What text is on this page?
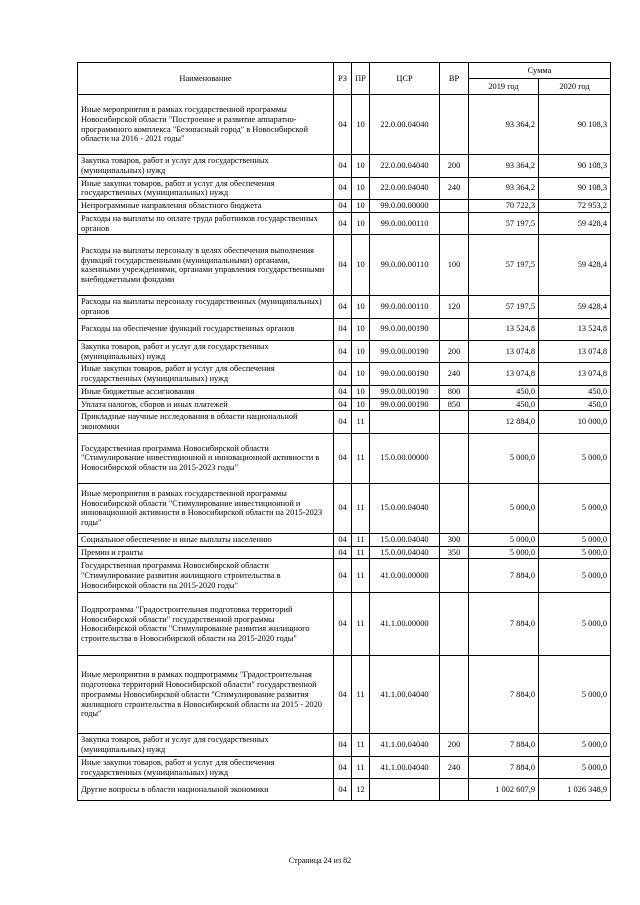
Наименование	РЗ	ПР	ЦСР	ВР	Сумма	
					2019 год	2020 год
Иные мероприятия в рамках государственной программы Новосибирской области "Построение и развитие аппаратно-программного комплекса "Безопасный город" в Новосибирской области на 2016 - 2021 годы"	04	10	22.0.00.04040		93 364,2	90 108,3
Закупка товаров, работ и услуг для государственных (муниципальных) нужд	04	10	22.0.00.04040	200	93 364,2	90 108,3
Иные закупки товаров, работ и услуг для обеспечения государственных (муниципальных) нужд	04	10	22.0.00.04040	240	93 364,2	90 108,3
Непрограммные направления областного бюджета	04	10	99.0.00.00000		70 722,3	72 953,2
Расходы на выплаты по оплате труда работников государственных органов	04	10	99.0.00.00110		57 197,5	59 428,4
Расходы на выплаты персоналу в целях обеспечения выполнения функций государственными (муниципальными) органами, казенными учреждениями, органами управления государственными внебюджетными фондами	04	10	99.0.00.00110	100	57 197,5	59 428,4
Расходы на выплаты персоналу государственных (муниципальных) органов	04	10	99.0.00.00110	120	57 197,5	59 428,4
Расходы на обеспечение функций государственных органов	04	10	99.0.00.00190		13 524,8	13 524,8
Закупка товаров, работ и услуг для государственных (муниципальных) нужд	04	10	99.0.00.00190	200	13 074,8	13 074,8
Иные закупки товаров, работ и услуг для обеспечения государственных (муниципальных) нужд	04	10	99.0.00.00190	240	13 074,8	13 074,8
Иные бюджетные ассигнования	04	10	99.0.00.00190	800	450,0	450,0
Уплата налогов, сборов и иных платежей	04	10	99.0.00.00190	850	450,0	450,0
Прикладные научные исследования в области национальной экономики	04	11			12 884,0	10 000,0
Государственная программа Новосибирской области "Стимулирование инвестиционной и инновационной активности в Новосибирской области на 2015-2023 годы"	04	11	15.0.00.00000		5 000,0	5 000,0
Иные мероприятия в рамках государственной программы Новосибирской области "Стимулирование инвестиционной и инновационной активности в Новосибирской области на 2015-2023 годы"	04	11	15.0.00.04040		5 000,0	5 000,0
Социальное обеспечение и иные выплаты населению	04	11	15.0.00.04040	300	5 000,0	5 000,0
Премии и гранты	04	11	15.0.00.04040	350	5 000,0	5 000,0
Государственная программа Новосибирской области "Стимулирование развития жилищного строительства в Новосибирской области на 2015-2020 годы"	04	11	41.0.00.00000		7 884,0	5 000,0
Подпрограмма "Градостроительная подготовка территорий Новосибирской области" государственной программы Новосибирской области "Стимулирование развития жилищного строительства в Новосибирской области на 2015-2020 годы"	04	11	41.1.00.00000		7 884,0	5 000,0
Иные мероприятия в рамках подпрограммы "Градостроительная подготовка территорий Новосибирской области" государственной программы Новосибирской области "Стимулирование развития жилищного строительства в Новосибирской области на 2015 - 2020 годы"	04	11	41.1.00.04040		7 884,0	5 000,0
Закупка товаров, работ и услуг для государственных (муниципальных) нужд	04	11	41.1.00.04040	200	7 884,0	5 000,0
Иные закупки товаров, работ и услуг для обеспечения государственных (муниципальных) нужд	04	11	41.1.00.04040	240	7 884,0	5 000,0
Другие вопросы в области национальной экономики	04	12			1 002 607,9	1 026 348,9
Страница 24 из 82
